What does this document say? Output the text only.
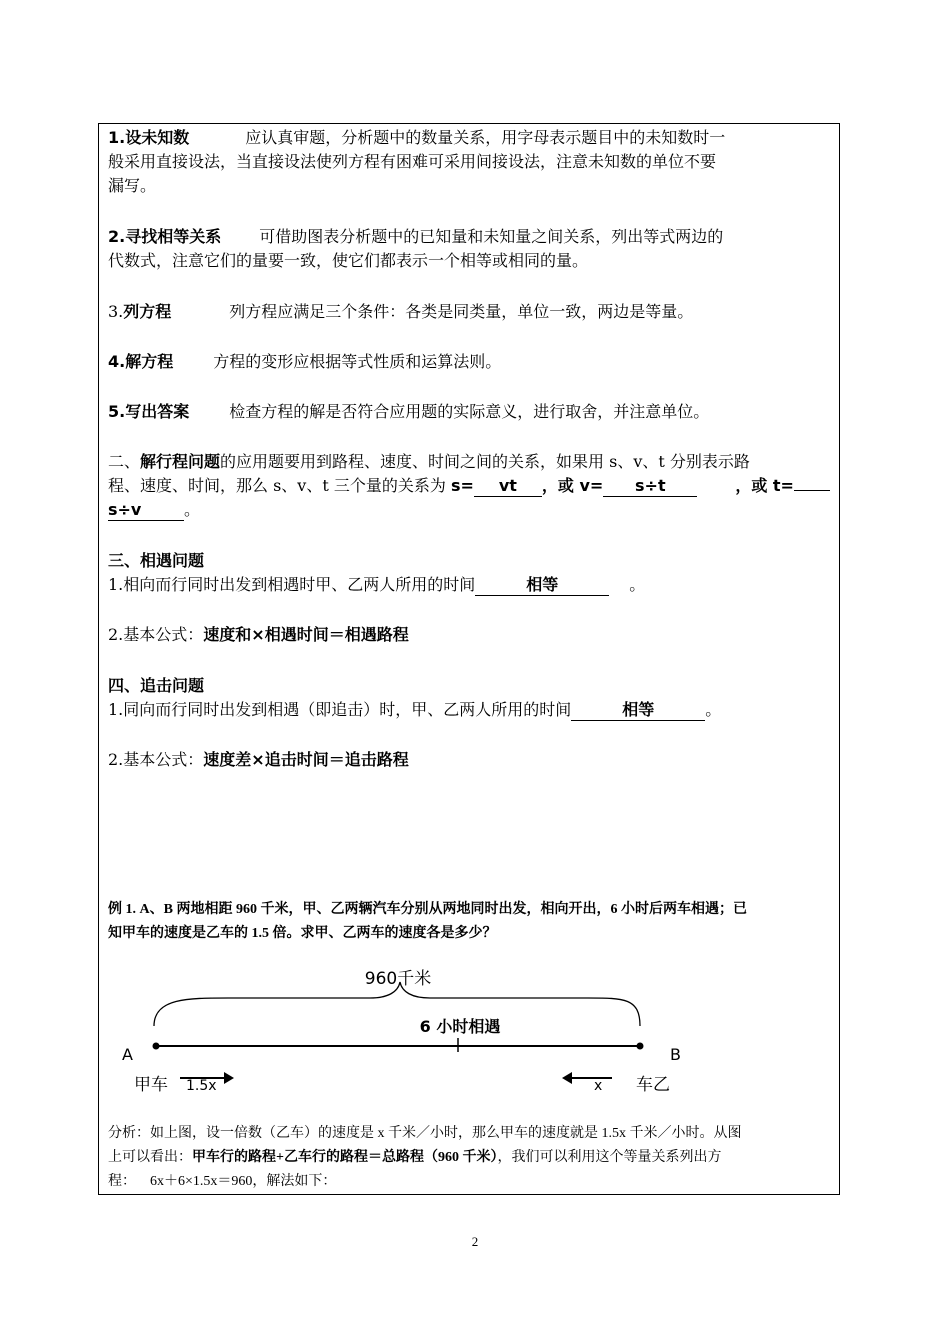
1.设未知数	应认真审题，分析题中的数量关系，用字母表示题目中的未知数时一
般采用直接设法，当直接设法使列方程有困难可采用间接设法，注意未知数的单位不要
漏写。
2.寻找相等关系 可借助图表分析题中的已知量和未知量之间关系，列出等式两边的
代数式，注意它们的量要一致，使它们都表示一个相等或相同的量。
3.列方程	列方程应满足三个条件：各类是同类量，单位一致，两边是等量。
4.解方程	方程的变形应根据等式性质和运算法则。
5.写出答案	检查方程的解是否符合应用题的实际意义，进行取舍，并注意单位。
二、解行程问题的应用题要用到路程、速度、时间之间的关系，如果用 s、v、t 分别表示路
程、速度、时间，那么 s、v、t 三个量的关系为 s= vt ，或 v= s÷t	，或 t=
s÷v	。
三、相遇问题
1.相向而行同时出发到相遇时甲、乙两人所用的时间	相等	。
2.基本公式：速度和×相遇时间＝相遇路程
四、追击问题
1.同向而行同时出发到相遇（即追击）时，甲、乙两人所用的时间	相等	。
2.基本公式：速度差×追击时间＝追击路程
例 1. A、B 两地相距 960 千米，甲、乙两辆汽车分别从两地同时出发，相向开出，6 小时后两车相遇；已
知甲车的速度是乙车的 1.5 倍。求甲、乙两车的速度各是多少？
960千米
6 小时相遇
A	B
甲车 1.5x	x 车乙
分析：如上图，设一倍数（乙车）的速度是 x 千米／小时，那么甲车的速度就是 1.5x 千米／小时。从图
上可以看出：甲车行的路程+乙车行的路程＝总路程（960 千米），我们可以利用这个等量关系列出方
程：    6x＋6×1.5x＝960，解法如下：
2
